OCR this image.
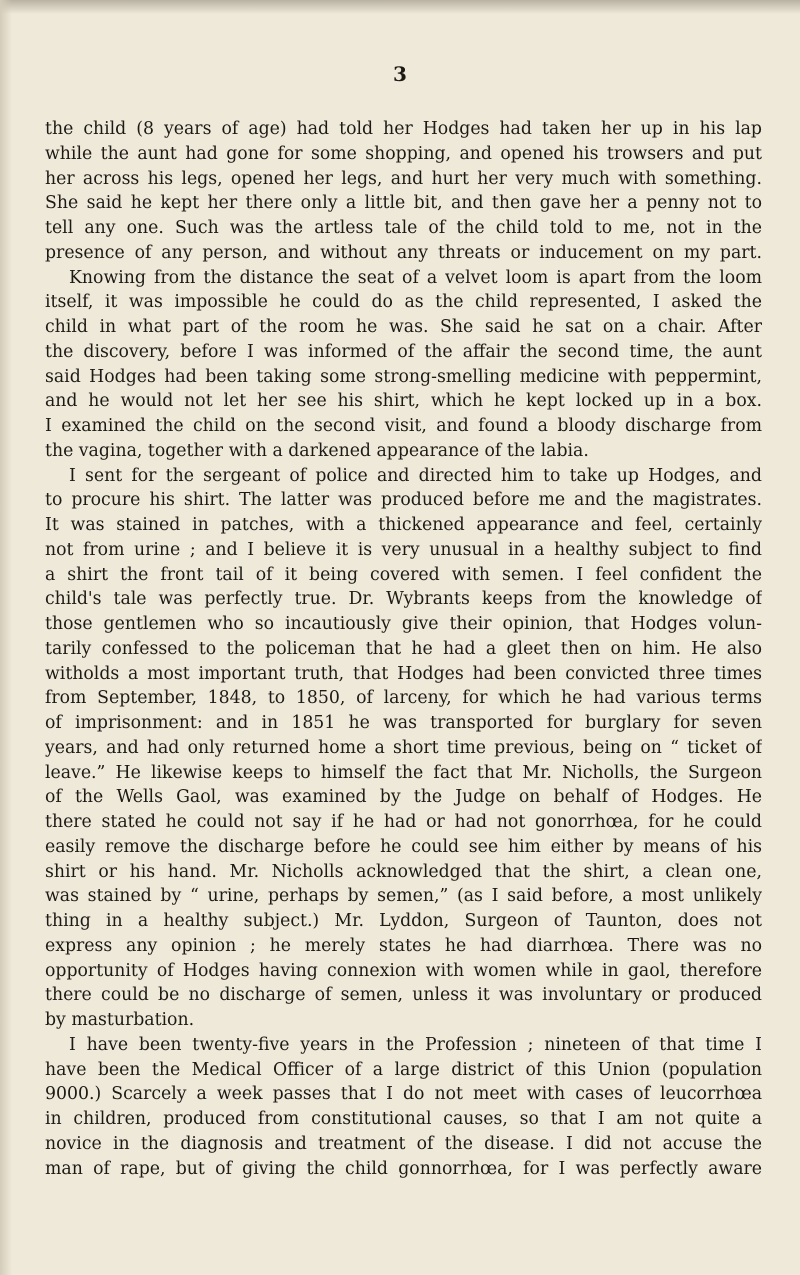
3
the child (8 years of age) had told her Hodges had taken her up in his lap
while the aunt had gone for some shopping, and opened his trowsers and put
her across his legs, opened her legs, and hurt her very much with something.
She said he kept her there only a little bit, and then gave her a penny not to
tell any one. Such was the artless tale of the child told to me, not in the
presence of any person, and without any threats or inducement on my part.
Knowing from the distance the seat of a velvet loom is apart from the loom
itself, it was impossible he could do as the child represented, I asked the
child in what part of the room he was. She said he sat on a chair. After
the discovery, before I was informed of the affair the second time, the aunt
said Hodges had been taking some strong-smelling medicine with peppermint,
and he would not let her see his shirt, which he kept locked up in a box.
I examined the child on the second visit, and found a bloody discharge from
the vagina, together with a darkened appearance of the labia.
I sent for the sergeant of police and directed him to take up Hodges, and
to procure his shirt. The latter was produced before me and the magistrates.
It was stained in patches, with a thickened appearance and feel, certainly
not from urine ; and I believe it is very unusual in a healthy subject to find
a shirt the front tail of it being covered with semen. I feel confident the
child's tale was perfectly true. Dr. Wybrants keeps from the knowledge of
those gentlemen who so incautiously give their opinion, that Hodges volun-
tarily confessed to the policeman that he had a gleet then on him. He also
witholds a most important truth, that Hodges had been convicted three times
from September, 1848, to 1850, of larceny, for which he had various terms
of imprisonment: and in 1851 he was transported for burglary for seven
years, and had only returned home a short time previous, being on “ ticket of
leave.” He likewise keeps to himself the fact that Mr. Nicholls, the Surgeon
of the Wells Gaol, was examined by the Judge on behalf of Hodges. He
there stated he could not say if he had or had not gonorrhœa, for he could
easily remove the discharge before he could see him either by means of his
shirt or his hand. Mr. Nicholls acknowledged that the shirt, a clean one,
was stained by “ urine, perhaps by semen,” (as I said before, a most unlikely
thing in a healthy subject.) Mr. Lyddon, Surgeon of Taunton, does not
express any opinion ; he merely states he had diarrhœa. There was no
opportunity of Hodges having connexion with women while in gaol, therefore
there could be no discharge of semen, unless it was involuntary or produced
by masturbation.
I have been twenty-five years in the Profession ; nineteen of that time I
have been the Medical Officer of a large district of this Union (population
9000.) Scarcely a week passes that I do not meet with cases of leucorrhœa
in children, produced from constitutional causes, so that I am not quite a
novice in the diagnosis and treatment of the disease. I did not accuse the
man of rape, but of giving the child gonnorrhœa, for I was perfectly aware
